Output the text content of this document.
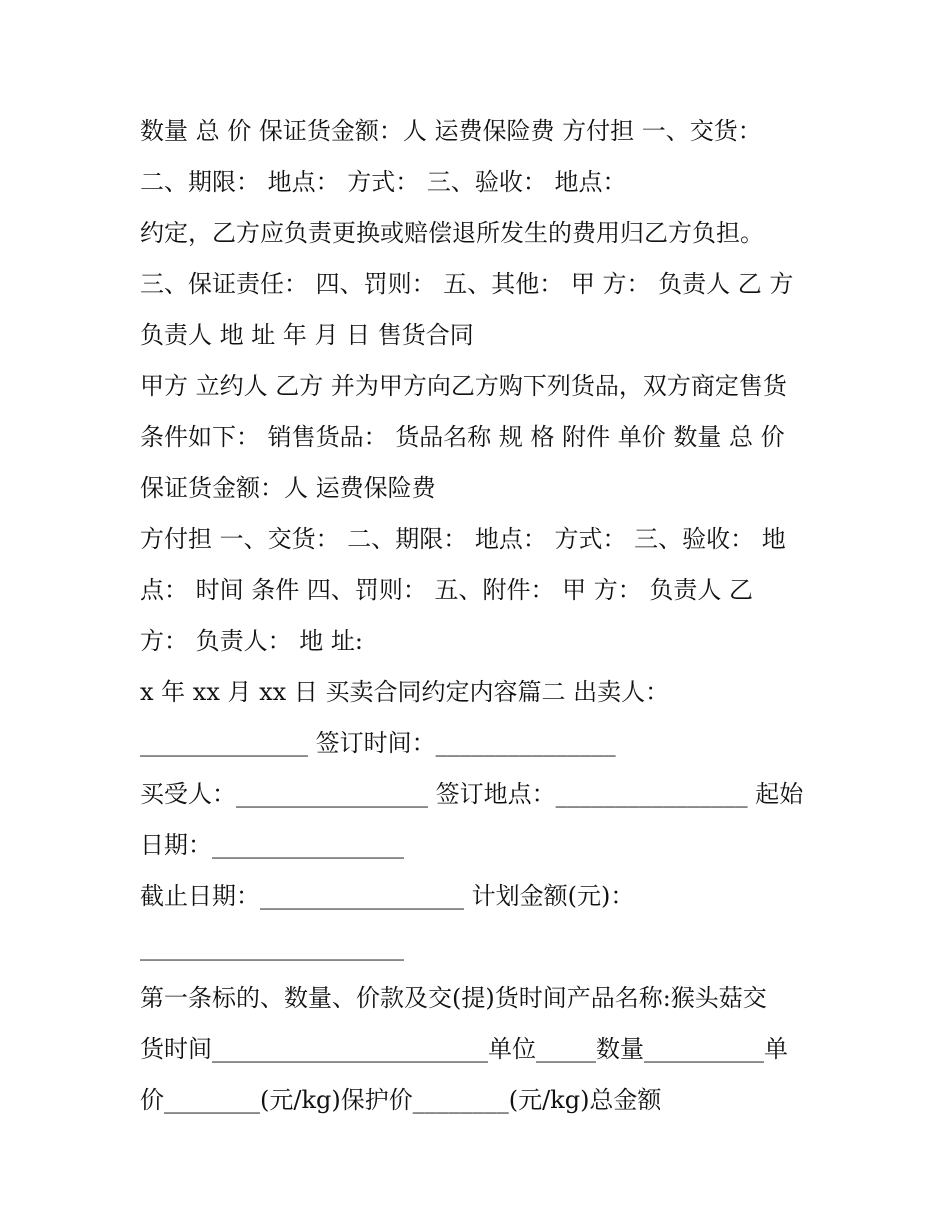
数量 总 价 保证货金额：人 运费保险费 方付担 一、交货：
二、期限： 地点： 方式： 三、验收： 地点：
约定，乙方应负责更换或赔偿退所发生的费用归乙方负担。
三、保证责任： 四、罚则： 五、其他： 甲 方： 负责人 乙 方
负责人 地 址 年 月 日 售货合同
甲方 立约人 乙方 并为甲方向乙方购下列货品，双方商定售货
条件如下： 销售货品： 货品名称 规 格 附件 单价 数量 总 价
保证货金额：人 运费保险费
方付担 一、交货： 二、期限： 地点： 方式： 三、验收： 地
点： 时间 条件 四、罚则： 五、附件： 甲 方： 负责人 乙
方： 负责人： 地 址:
x 年 xx 月 xx 日 买卖合同约定内容篇二 出卖人：
______________ 签订时间：_______________
买受人：________________ 签订地点：________________ 起始
日期：________________
截止日期：_________________ 计划金额(元)：
______________________
第一条标的、数量、价款及交(提)货时间产品名称:猴头菇交
货时间_______________________单位_____数量__________单
价________(元/kg)保护价________(元/kg)总金额
